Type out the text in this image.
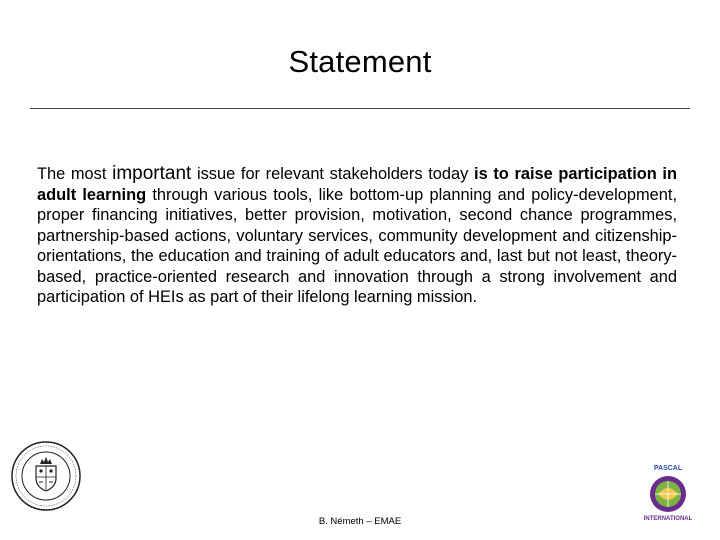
Statement
The most important issue for relevant stakeholders today is to raise participation in adult learning through various tools, like bottom-up planning and policy-development, proper financing initiatives, better provision, motivation, second chance programmes, partnership-based actions, voluntary services, community development and citizenship-orientations, the education and training of adult educators and, last but not least, theory-based, practice-oriented research and innovation through a strong involvement and participation of HEIs as part of their lifelong learning mission.
PASCAL
INTERNATIONAL
B. Németh – EMAE
